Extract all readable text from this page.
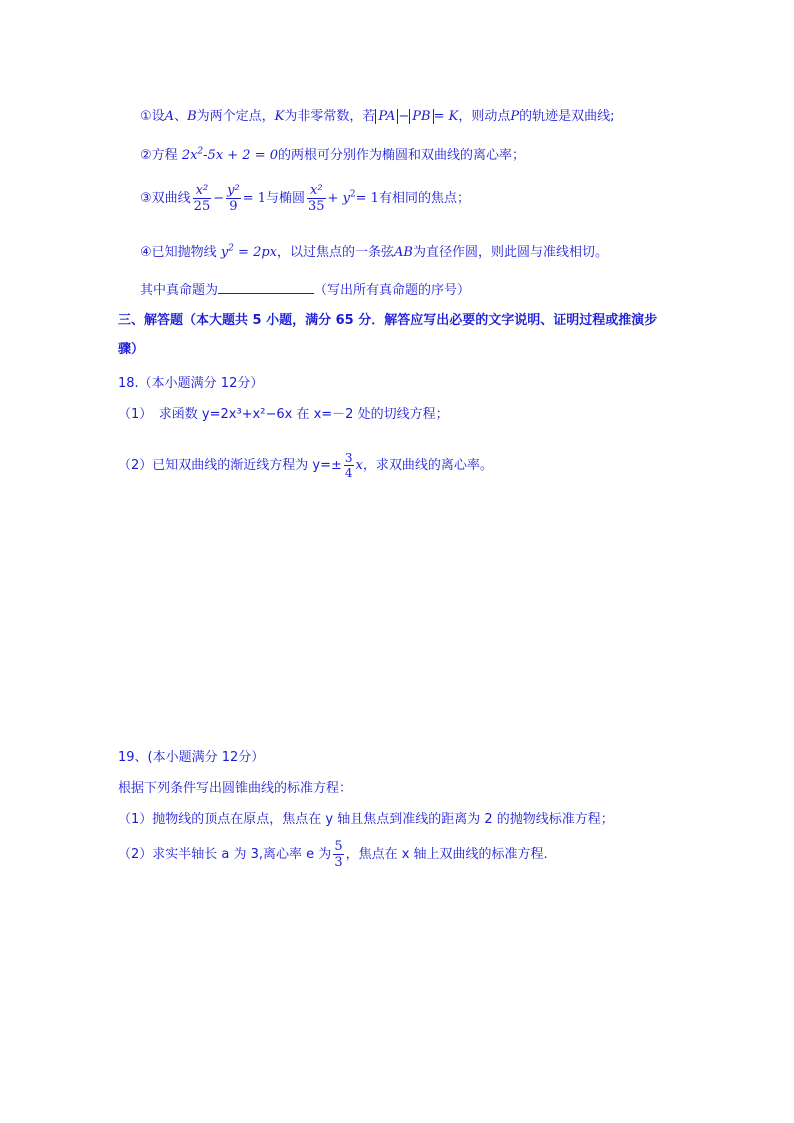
①设A、B为两个定点，K为非零常数，若 PA − PB = K，则动点P的轨迹是双曲线;
②方程 $2x^2-5x + 2 = 0$的两根可分别作为椭圆和双曲线的离心率；
③双曲线 $\frac{\text{x²}}{25} - \frac{\text{y²}}{9} = 1$与椭圆 $\frac{\text{x²}}{35} + y^2= 1$有相同的焦点；
④已知抛物线 $y^2 = 2px$，以过焦点的一条弦AB为直径作圆，则此圆与准线相切。
其中真命题为	（写出所有真命题的序号）
三、解答题（本大题共 5 小题，满分 65 分．解答应写出必要的文字说明、证明过程或推演步
骤）
18.（本小题满分 12分）
（1）　求函数 y=2x³+x²−6x 在 x=－2 处的切线方程；
（2）已知双曲线的渐近线方程为 $y=\pm \frac{3}{4}$ x，求双曲线的离心率。
19、(本小题满分 12分）
根据下列条件写出圆锥曲线的标准方程：
（1）抛物线的顶点在原点，焦点在 y 轴且焦点到准线的距离为 2 的抛物线标准方程；
（2）求实半轴长 a 为 3,离心率 e 为 $\frac{5}{3}$ ，焦点在 x 轴上双曲线的标准方程.
